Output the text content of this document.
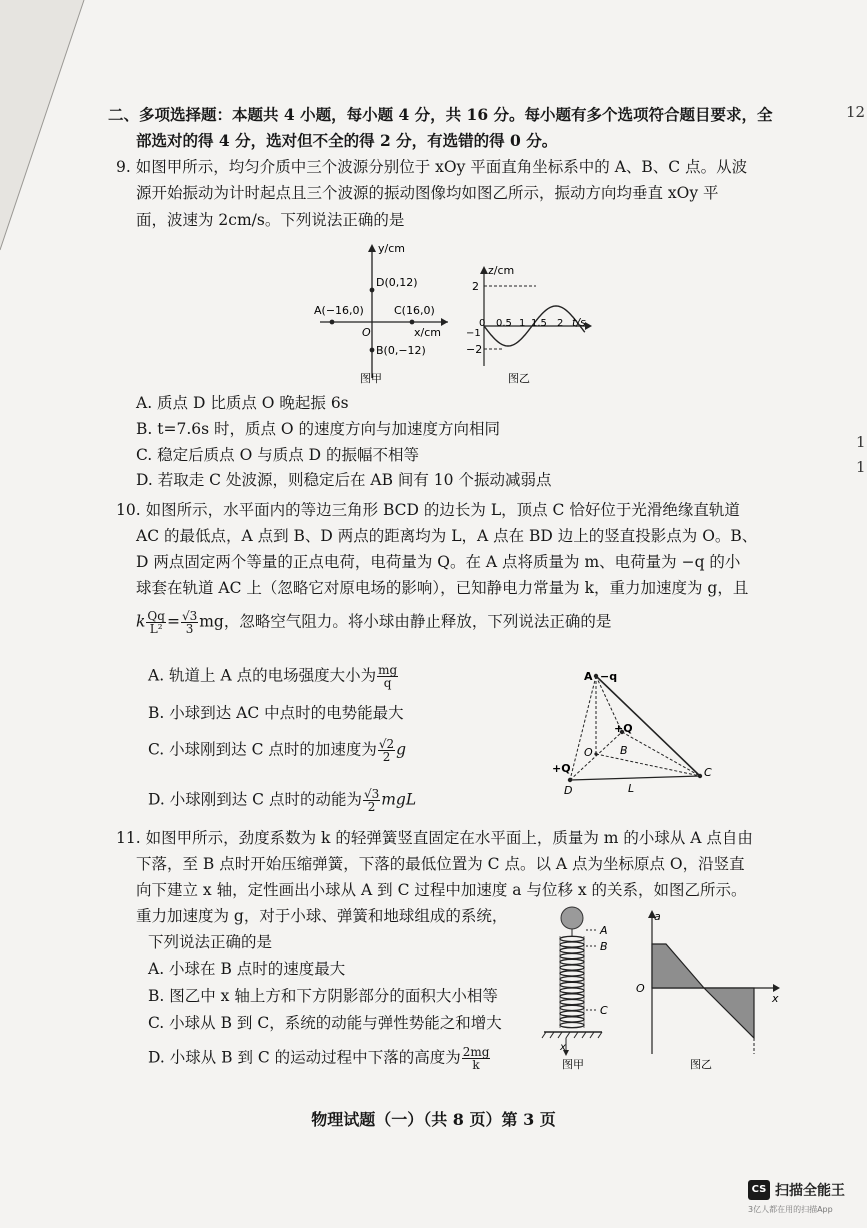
12
1
1
二、多项选择题：本题共 4 小题，每小题 4 分，共 16 分。每小题有多个选项符合题目要求，全
部选对的得 4 分，选对但不全的得 2 分，有选错的得 0 分。
9. 如图甲所示，均匀介质中三个波源分别位于 xOy 平面直角坐标系中的 A、B、C 点。从波
源开始振动为计时起点且三个波源的振动图像均如图乙所示，振动方向均垂直 xOy 平
面，波速为 2cm/s。下列说法正确的是
y/cm
D(0,12)
A(−16,0)	C(16,0)
O	x/cm
B(0,−12)
图甲
z/cm
2
−1
−2
0 0.5 1 1.5 2 t/s
图乙
A. 质点 D 比质点 O 晚起振 6s
B. t=7.6s 时，质点 O 的速度方向与加速度方向相同
C. 稳定后质点 O 与质点 D 的振幅不相等
D. 若取走 C 处波源，则稳定后在 AB 间有 10 个振动减弱点
10. 如图所示，水平面内的等边三角形 BCD 的边长为 L，顶点 C 恰好位于光滑绝缘直轨道
AC 的最低点，A 点到 B、D 两点的距离均为 L，A 点在 BD 边上的竖直投影点为 O。B、
D 两点固定两个等量的正点电荷，电荷量为 Q。在 A 点将质量为 m、电荷量为 −q 的小
球套在轨道 AC 上（忽略它对原电场的影响），已知静电力常量为 k，重力加速度为 g，且
k $\frac{Qq}{\text{L²}} = \frac{√3}{3}$ mg，忽略空气阻力。将小球由静止释放，下列说法正确的是
A. 轨道上 A 点的电场强度大小为 $\frac{mg}{q}$
B. 小球到达 AC 中点时的电势能最大
C. 小球刚到达 C 点时的加速度为 $\frac{√2}{2}$ g
D. 小球刚到达 C 点时的动能为 $\frac{√3}{2}$ mgL
A −q
+Q
B
O
+Q
D	L
C
11. 如图甲所示，劲度系数为 k 的轻弹簧竖直固定在水平面上，质量为 m 的小球从 A 点自由
下落，至 B 点时开始压缩弹簧，下落的最低位置为 C 点。以 A 点为坐标原点 O，沿竖直
向下建立 x 轴，定性画出小球从 A 到 C 过程中加速度 a 与位移 x 的关系，如图乙所示。
重力加速度为 g，对于小球、弹簧和地球组成的系统，
下列说法正确的是
A. 小球在 B 点时的速度最大
B. 图乙中 x 轴上方和下方阴影部分的面积大小相等
C. 小球从 B 到 C，系统的动能与弹性势能之和增大
D. 小球从 B 到 C 的运动过程中下落的高度为 $\frac{2mg}{k}$
A
B
C
x
图甲
a
O
x
图乙
物理试题（一）（共 8 页）第 3 页
CS 扫描全能王
3亿人都在用的扫描App
